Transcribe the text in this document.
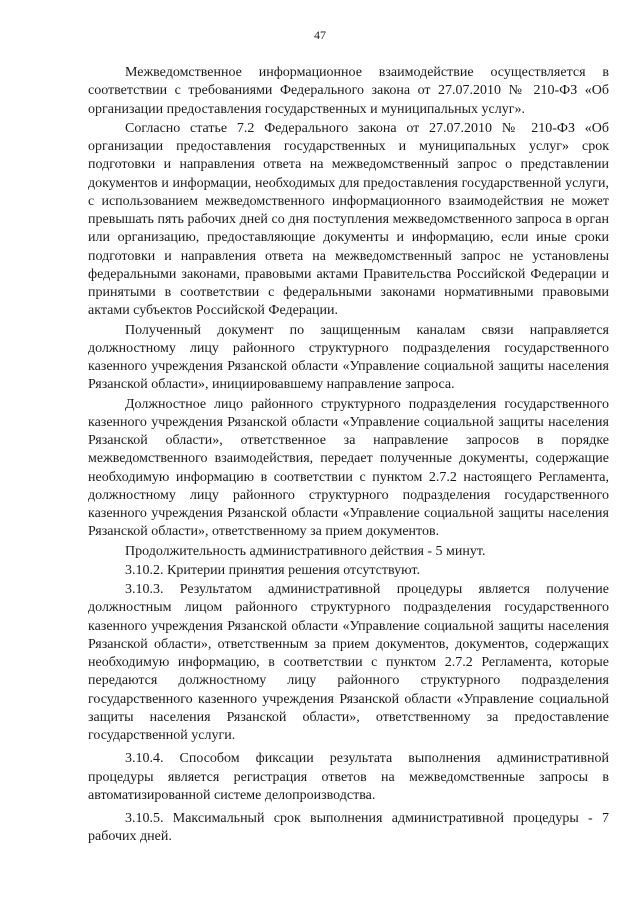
47

Межведомственное информационное взаимодействие осуществляется в соответствии с требованиями Федерального закона от 27.07.2010 № 210-ФЗ «Об организации предоставления государственных и муниципальных услуг».

Согласно статье 7.2 Федерального закона от 27.07.2010 № 210-ФЗ «Об организации предоставления государственных и муниципальных услуг» срок подготовки и направления ответа на межведомственный запрос о представлении документов и информации, необходимых для предоставления государственной услуги, с использованием межведомственного информационного взаимодействия не может превышать пять рабочих дней со дня поступления межведомственного запроса в орган или организацию, предоставляющие документы и информацию, если иные сроки подготовки и направления ответа на межведомственный запрос не установлены федеральными законами, правовыми актами Правительства Российской Федерации и принятыми в соответствии с федеральными законами нормативными правовыми актами субъектов Российской Федерации.

Полученный документ по защищенным каналам связи направляется должностному лицу районного структурного подразделения государственного казенного учреждения Рязанской области «Управление социальной защиты населения Рязанской области», инициировавшему направление запроса.

Должностное лицо районного структурного подразделения государственного казенного учреждения Рязанской области «Управление социальной защиты населения Рязанской области», ответственное за направление запросов в порядке межведомственного взаимодействия, передает полученные документы, содержащие необходимую информацию в соответствии с пунктом 2.7.2 настоящего Регламента, должностному лицу районного структурного подразделения государственного казенного учреждения Рязанской области «Управление социальной защиты населения Рязанской области», ответственному за прием документов.

Продолжительность административного действия - 5 минут.

3.10.2. Критерии принятия решения отсутствуют.

3.10.3. Результатом административной процедуры является получение должностным лицом районного структурного подразделения государственного казенного учреждения Рязанской области «Управление социальной защиты населения Рязанской области», ответственным за прием документов, документов, содержащих необходимую информацию, в соответствии с пунктом 2.7.2 Регламента, которые передаются должностному лицу районного структурного подразделения государственного казенного учреждения Рязанской области «Управление социальной защиты населения Рязанской области», ответственному за предоставление государственной услуги.

3.10.4. Способом фиксации результата выполнения административной процедуры является регистрация ответов на межведомственные запросы в автоматизированной системе делопроизводства.

3.10.5. Максимальный срок выполнения административной процедуры - 7 рабочих дней.
